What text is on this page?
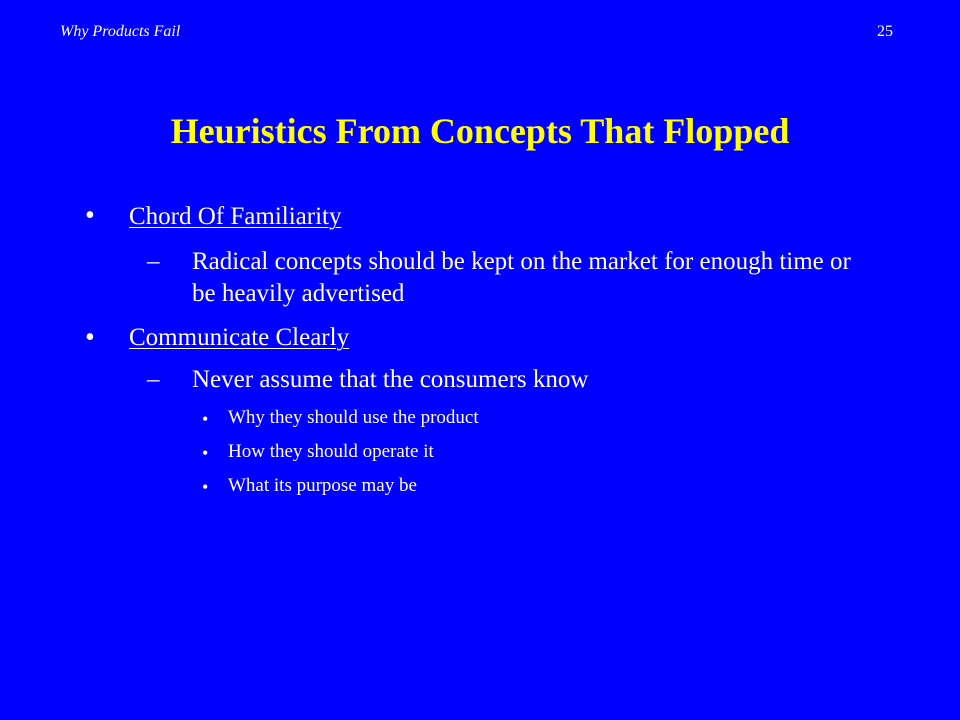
Why Products Fail	25
Heuristics From Concepts That Flopped
• Chord Of Familiarity
– Radical concepts should be kept on the market for enough time or be heavily advertised
• Communicate Clearly
– Never assume that the consumers know
• Why they should use the product
• How they should operate it
• What its purpose may be
